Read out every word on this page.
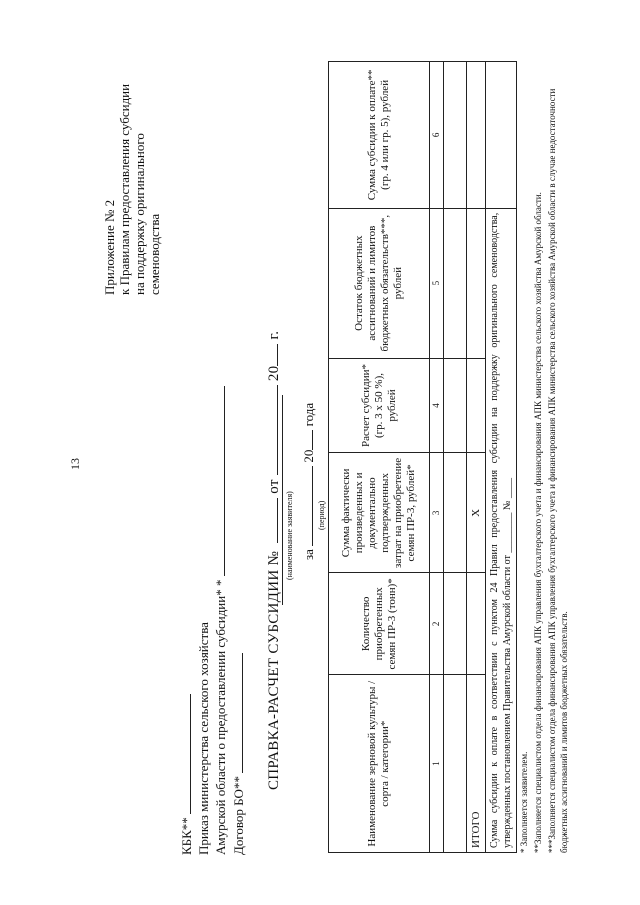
13
Приложение № 2 к Правилам предоставления субсидии на поддержку оригинального семеноводства
КБК** Приказ министерства сельского хозяйства Амурской области о предоставлении субсидии* * Договор БО**
СПРАВКА-РАСЧЕТ СУБСИДИИ №  от  20 г.
(наименование заявителя) за  20 года
(период)
Наименование зерновой культуры / сорта / категории*	Количество приобретенных семян ПР-3 (тонн)*	Сумма фактически произведенных и документально подтвержденных затрат на приобретение семян ПР-3, рублей*	Расчет субсидии* (гр. 3 х 50 %), рублей	Остаток бюджетных ассигнований и лимитов бюджетных обязательств***, рублей	Сумма субсидии к оплате** (гр. 4 или гр. 5), рублей
1	2	3	4	5	6

ИТОГО		Х			
Сумма субсидии к оплате в соответствии с пунктом 24 Правил предоставления субсидии на поддержку оригинального семеноводства, утвержденных постановлением Правительства Амурской области от ________ № ____					* Заполняется заявителем. **Заполняется специалистом отдела финансирования АПК управления бухгалтерского учета и финансирования АПК министерства сельского хозяйства Амурской области. ***Заполняется специалистом отдела финансирования АПК управления бухгалтерского учета и финансирования АПК министерства сельского хозяйства Амурской области в случае недостаточности бюджетных ассигнований и лимитов бюджетных обязательств.
